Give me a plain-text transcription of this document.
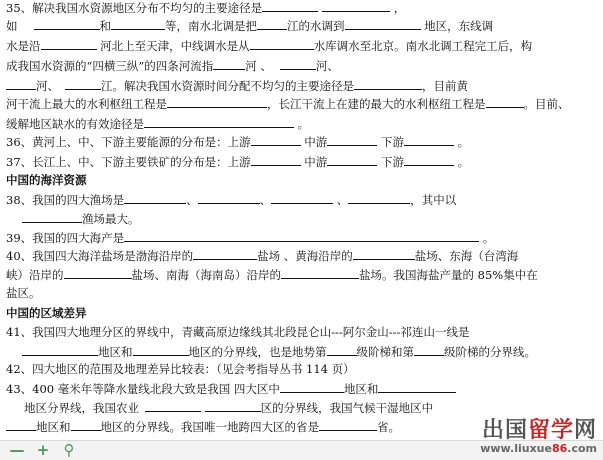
35、解决我国水资源地区分布不均匀的主要途径是	，
如	和	等，南水北调是把	江的水调到	地区，东线调
水是沿	河北上至天津，中线调水是从	水库调水至北京。南水北调工程完工后，构
成我国水资源的“四横三纵”的四条河流指	河 、	河、
河、	江。解决我国水资源时间分配不均匀的主要途径是	，目前黄
河干流上最大的水利枢纽工程是	，长江干流上在建的最大的水利枢纽工程是	。目前、
缓解地区缺水的有效途径是	。
36、黄河上、中、下游主要能源的分布是：上游	中游	下游	。
37、长江上、中、下游主要铁矿的分布是：上游	中游	下游	。
中国的海洋资源
38、我国的四大渔场是	、	、	、	，其中以
渔场最大。
39、我国的四大海产是	。
40、我国四大海洋盐场是渤海沿岸的	盐场 、黄海沿岸的	盐场、东海（台湾海
峡）沿岸的	盐场、南海（海南岛）沿岸的	盐场。我国海盐产量的 85%集中在
盐区。
中国的区域差异
41、我国四大地理分区的界线中，青藏高原边缘线其北段昆仑山---阿尔金山---祁连山一线是
地区和	地区的分界线，也是地势第	级阶梯和第	级阶梯的分界线。
42、四大地区的范围及地理差异比较表：（见会考指导丛书 114 页）
43、400 毫米年等降水量线北段大致是我国 四大区中	地区和
地区分界线，我国农业	区的分界线，我国气候干湿地区中
地区和	地区的分界线。我国唯一地跨四大区的省是	省。
— + ⚲
出国留学网
www.liuxue86.com
